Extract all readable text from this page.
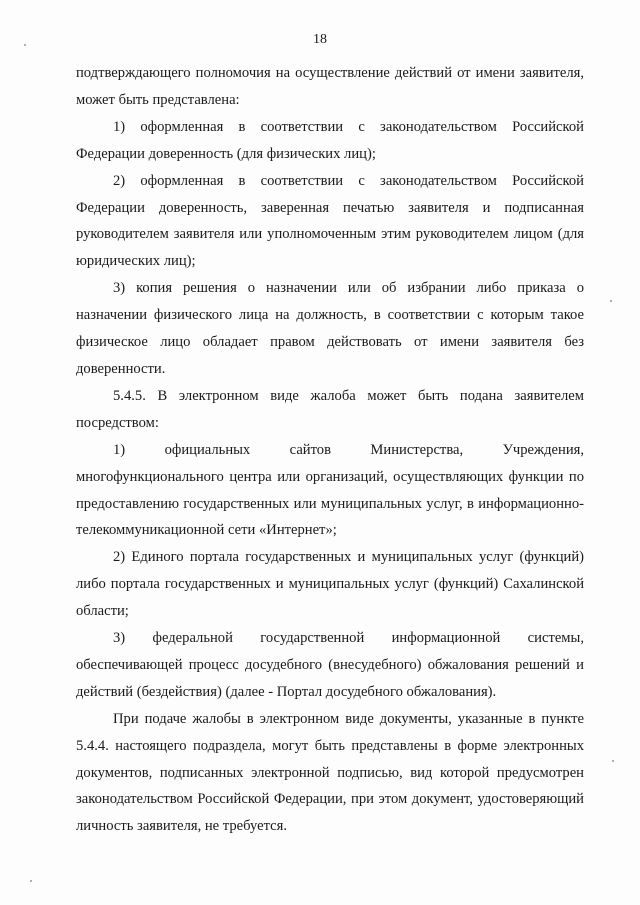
18

подтверждающего полномочия на осуществление действий от имени заявителя, может быть представлена:

1) оформленная в соответствии с законодательством Российской Федерации доверенность (для физических лиц);

2) оформленная в соответствии с законодательством Российской Федерации доверенность, заверенная печатью заявителя и подписанная руководителем заявителя или уполномоченным этим руководителем лицом (для юридических лиц);

3) копия решения о назначении или об избрании либо приказа о назначении физического лица на должность, в соответствии с которым такое физическое лицо обладает правом действовать от имени заявителя без доверенности.

5.4.5. В электронном виде жалоба может быть подана заявителем посредством:

1) официальных сайтов Министерства, Учреждения, многофункционального центра или организаций, осуществляющих функции по предоставлению государственных или муниципальных услуг, в информационно-телекоммуникационной сети «Интернет»;

2) Единого портала государственных и муниципальных услуг (функций) либо портала государственных и муниципальных услуг (функций) Сахалинской области;

3) федеральной государственной информационной системы, обеспечивающей процесс досудебного (внесудебного) обжалования решений и действий (бездействия) (далее - Портал досудебного обжалования).

При подаче жалобы в электронном виде документы, указанные в пункте 5.4.4. настоящего подраздела, могут быть представлены в форме электронных документов, подписанных электронной подписью, вид которой предусмотрен законодательством Российской Федерации, при этом документ, удостоверяющий личность заявителя, не требуется.
